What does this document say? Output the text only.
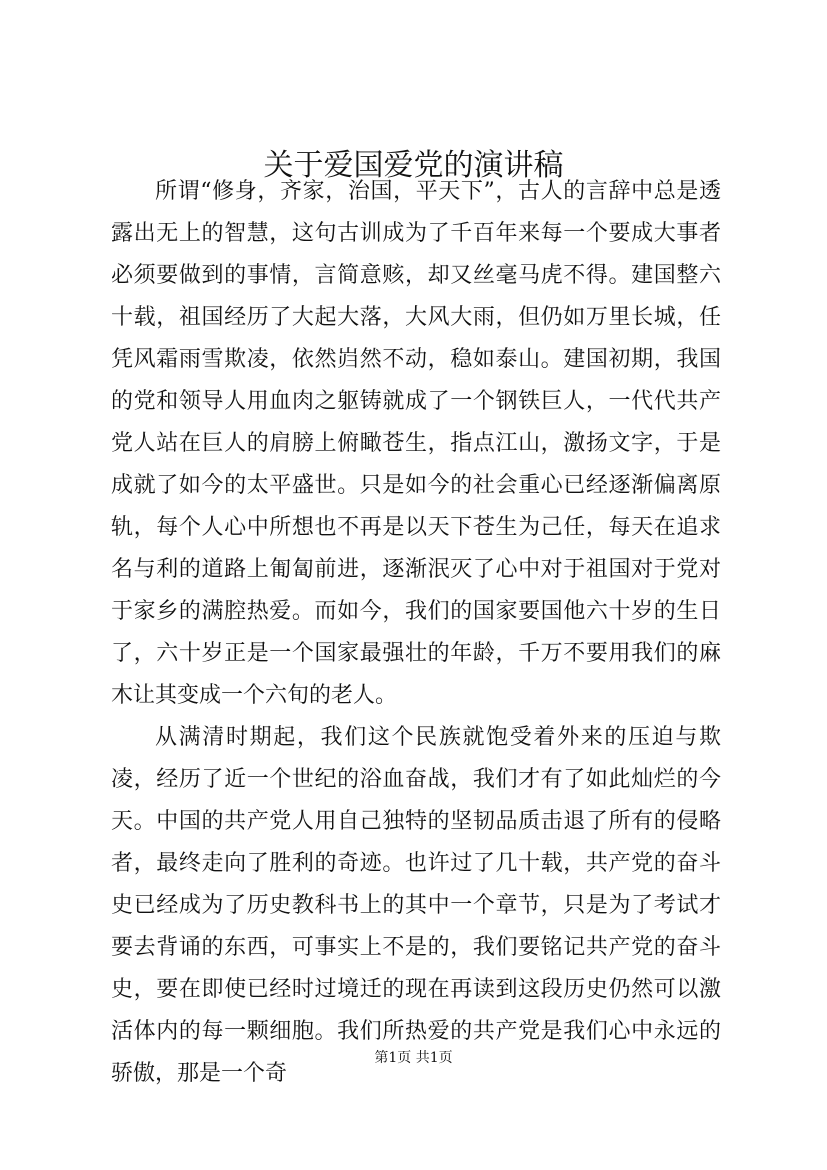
关于爱国爱党的演讲稿

所谓“修身，齐家，治国，平天下”，古人的言辞中总是透露出无上的智慧，这句古训成为了千百年来每一个要成大事者必须要做到的事情，言简意赅，却又丝毫马虎不得。建国整六十载，祖国经历了大起大落，大风大雨，但仍如万里长城，任凭风霜雨雪欺凌，依然岿然不动，稳如泰山。建国初期，我国的党和领导人用血肉之躯铸就成了一个钢铁巨人，一代代共产党人站在巨人的肩膀上俯瞰苍生，指点江山，激扬文字，于是成就了如今的太平盛世。只是如今的社会重心已经逐渐偏离原轨，每个人心中所想也不再是以天下苍生为己任，每天在追求名与利的道路上匍匐前进，逐渐泯灭了心中对于祖国对于党对于家乡的满腔热爱。而如今，我们的国家要国他六十岁的生日了，六十岁正是一个国家最强壮的年龄，千万不要用我们的麻木让其变成一个六旬的老人。

从满清时期起，我们这个民族就饱受着外来的压迫与欺凌，经历了近一个世纪的浴血奋战，我们才有了如此灿烂的今天。中国的共产党人用自己独特的坚韧品质击退了所有的侵略者，最终走向了胜利的奇迹。也许过了几十载，共产党的奋斗史已经成为了历史教科书上的其中一个章节，只是为了考试才要去背诵的东西，可事实上不是的，我们要铭记共产党的奋斗史，要在即使已经时过境迁的现在再读到这段历史仍然可以激活体内的每一颗细胞。我们所热爱的共产党是我们心中永远的骄傲，那是一个奇

第1页 共1页
